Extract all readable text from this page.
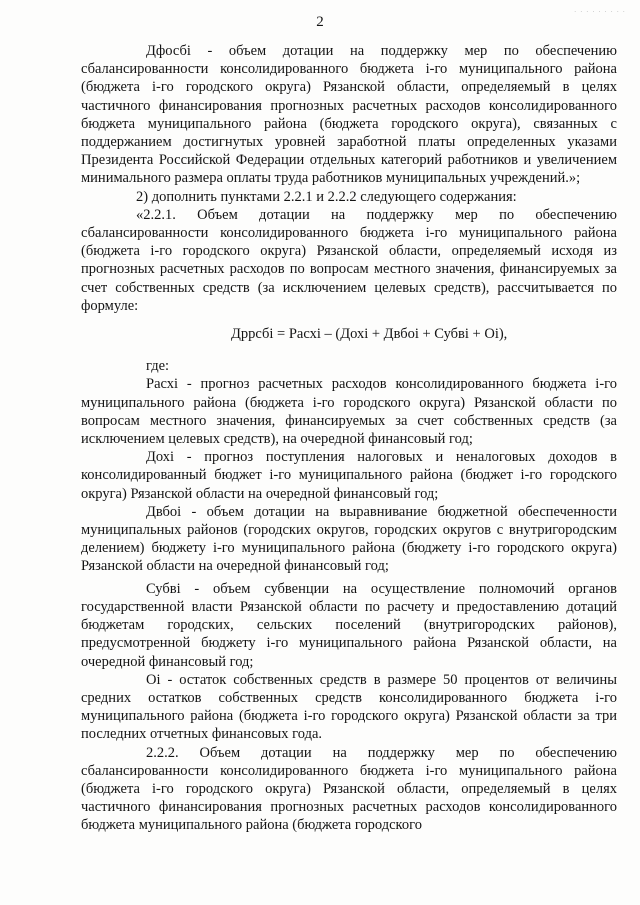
· · · · · · · · ·
2

Дфосбi - объем дотации на поддержку мер по обеспечению сбалансированности консолидированного бюджета i-го муниципального района (бюджета i-го городского округа) Рязанской области, определяемый в целях частичного финансирования прогнозных расчетных расходов консолидированного бюджета муниципального района (бюджета городского округа), связанных с поддержанием достигнутых уровней заработной платы определенных указами Президента Российской Федерации отдельных категорий работников и увеличением минимального размера оплаты труда работников муниципальных учреждений.»;

2) дополнить пунктами 2.2.1 и 2.2.2 следующего содержания:

«2.2.1. Объем дотации на поддержку мер по обеспечению сбалансированности консолидированного бюджета i-го муниципального района (бюджета i-го городского округа) Рязанской области, определяемый исходя из прогнозных расчетных расходов по вопросам местного значения, финансируемых за счет собственных средств (за исключением целевых средств), рассчитывается по формуле:

Дррсбi = Расхi – (Дохi + Двбоi + Субвi + Оi),

где:

Расхi - прогноз расчетных расходов консолидированного бюджета i-го муниципального района (бюджета i-го городского округа) Рязанской области по вопросам местного значения, финансируемых за счет собственных средств (за исключением целевых средств), на очередной финансовый год;

Дохi - прогноз поступления налоговых и неналоговых доходов в консолидированный бюджет i-го муниципального района (бюджет i-го городского округа) Рязанской области на очередной финансовый год;

Двбоi - объем дотации на выравнивание бюджетной обеспеченности муниципальных районов (городских округов, городских округов с внутригородским делением) бюджету i-го муниципального района (бюджету i-го городского округа) Рязанской области на очередной финансовый год;

Субвi - объем субвенции на осуществление полномочий органов государственной власти Рязанской области по расчету и предоставлению дотаций бюджетам городских, сельских поселений (внутригородских районов), предусмотренной бюджету i-го муниципального района Рязанской области, на очередной финансовый год;

Оi - остаток собственных средств в размере 50 процентов от величины средних остатков собственных средств консолидированного бюджета i-го муниципального района (бюджета i-го городского округа) Рязанской области за три последних отчетных финансовых года.

2.2.2. Объем дотации на поддержку мер по обеспечению сбалансированности консолидированного бюджета i-го муниципального района (бюджета i-го городского округа) Рязанской области, определяемый в целях частичного финансирования прогнозных расчетных расходов консолидированного бюджета муниципального района (бюджета городского
